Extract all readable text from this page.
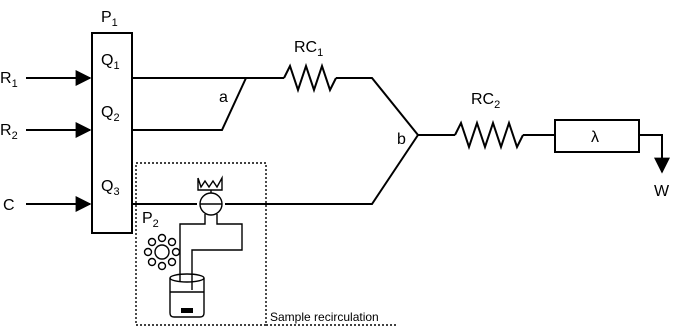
$P_1$
$Q_1$
$Q_2$
$Q_3$
$R_1$
$R_2$
C
$RC_1$
$RC_2$
a
b	λ
W
$P_2$
Sample recirculation
